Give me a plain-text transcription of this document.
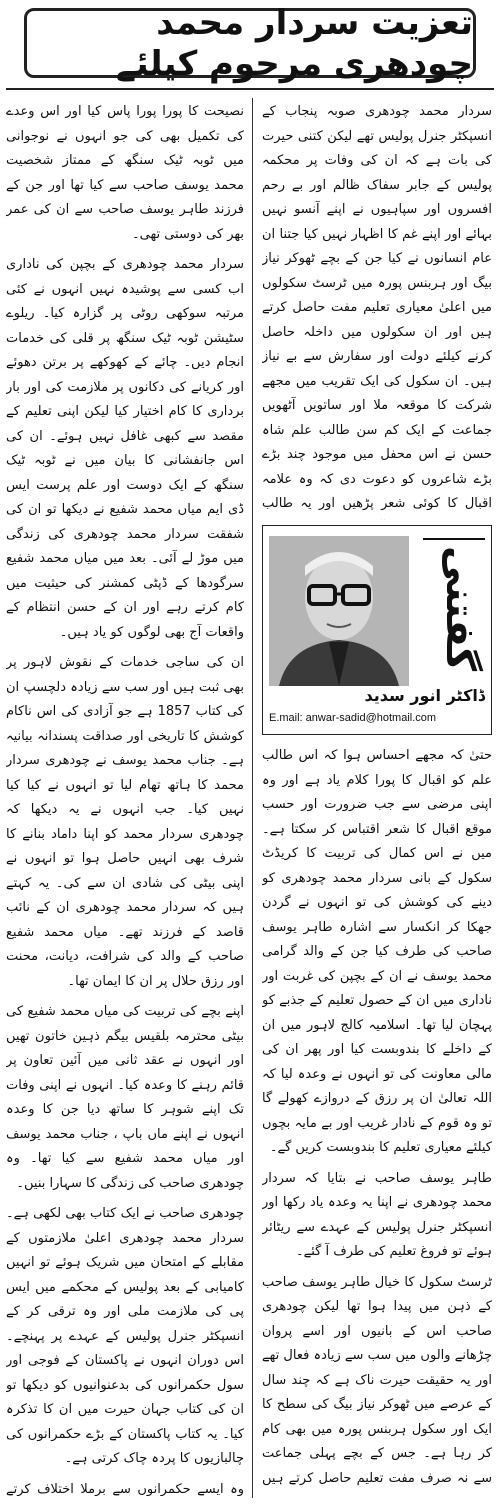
تعزیت سردار محمد چودھری مرحوم کیلئے

سردار محمد چودھری صوبہ پنجاب کے انسپکٹر جنرل پولیس تھے لیکن کتنی حیرت کی بات ہے کہ ان کی وفات پر محکمہ پولیس کے جابر سفاک ظالم اور بے رحم افسروں اور سپاہیوں نے اپنے آنسو نہیں بہائے اور اپنے غم کا اظہار نہیں کیا جتنا ان عام انسانوں نے کیا جن کے بچے ٹھوکر نیاز بیگ اور ہربنس پورہ میں ٹرسٹ سکولوں میں اعلیٰ معیاری تعلیم مفت حاصل کرتے ہیں اور ان سکولوں میں داخلہ حاصل کرنے کیلئے دولت اور سفارش سے بے نیاز ہیں۔ ان سکول کی ایک تقریب میں مجھے شرکت کا موقعہ ملا اور ساتویں آٹھویں جماعت کے ایک کم سن طالب علم شاہ حسن نے اس محفل میں موجود چند بڑے بڑے شاعروں کو دعوت دی کہ وہ علامہ اقبال کا کوئی شعر پڑھیں اور یہ طالب

گفتنی
ڈاکٹر انور سدید
E.mail: anwar-sadid@hotmail.com

حتیٰ کہ مجھے احساس ہوا کہ اس طالب علم کو اقبال کا پورا کلام یاد ہے اور وہ اپنی مرضی سے جب ضرورت اور حسب موقع اقبال کا شعر اقتباس کر سکتا ہے۔ میں نے اس کمال کی تربیت کا کریڈٹ سکول کے بانی سردار محمد چودھری کو دینے کی کوشش کی تو انہوں نے گردن جھکا کر انکسار سے اشارہ طاہر یوسف صاحب کی طرف کیا جن کے والد گرامی محمد یوسف نے ان کے بچپن کی غربت اور ناداری میں ان کے حصول تعلیم کے جذبے کو پہچان لیا تھا۔ اسلامیہ کالج لاہور میں ان کے داخلے کا بندوبست کیا اور پھر ان کی مالی معاونت کی تو انہوں نے وعدہ لیا کہ اللہ تعالیٰ ان پر رزق کے دروازے کھولے گا تو وہ قوم کے نادار غریب اور بے مایہ بچوں کیلئے معیاری تعلیم کا بندوبست کریں گے۔

طاہر یوسف صاحب نے بتایا کہ سردار محمد چودھری نے اپنا یہ وعدہ یاد رکھا اور انسپکٹر جنرل پولیس کے عہدے سے ریٹائر ہوئے تو فروغ تعلیم کی طرف آ گئے۔

ٹرسٹ سکول کا خیال طاہر یوسف صاحب کے ذہن میں پیدا ہوا تھا لیکن چودھری صاحب اس کے بانیوں اور اسے پروان چڑھانے والوں میں سب سے زیادہ فعال تھے اور یہ حقیقت حیرت ناک ہے کہ چند سال کے عرصے میں ٹھوکر نیاز بیگ کی سطح کا ایک اور سکول ہربنس پورہ میں بھی کام کر رہا ہے۔ جس کے بچے پہلی جماعت سے نہ صرف مفت تعلیم حاصل کرتے ہیں

نصیحت کا پورا پورا پاس کیا اور اس وعدے کی تکمیل بھی کی جو انہوں نے نوجوانی میں ٹوبہ ٹیک سنگھ کے ممتاز شخصیت محمد یوسف صاحب سے کیا تھا اور جن کے فرزند طاہر یوسف صاحب سے ان کی عمر بھر کی دوستی تھی۔

سردار محمد چودھری کے بچپن کی ناداری اب کسی سے پوشیدہ نہیں انہوں نے کئی مرتبہ سوکھی روٹی پر گزارہ کیا۔ ریلوے سٹیشن ٹوبہ ٹیک سنگھ پر قلی کی خدمات انجام دیں۔ چائے کے کھوکھے پر برتن دھوئے اور کریانے کی دکانوں پر ملازمت کی اور بار برداری کا کام اختیار کیا لیکن اپنی تعلیم کے مقصد سے کبھی غافل نہیں ہوئے۔ ان کی اس جانفشانی کا بیان میں نے ٹوبہ ٹیک سنگھ کے ایک دوست اور علم پرست ایس ڈی ایم میاں محمد شفیع نے دیکھا تو ان کی شفقت سردار محمد چودھری کی زندگی میں موڑ لے آئی۔ بعد میں میاں محمد شفیع سرگودھا کے ڈپٹی کمشنر کی حیثیت میں کام کرتے رہے اور ان کے حسن انتظام کے واقعات آج بھی لوگوں کو یاد ہیں۔

ان کی ساجی خدمات کے نقوش لاہور پر بھی ثبت ہیں اور سب سے زیادہ دلچسپ ان کی کتاب 1857 ہے جو آزادی کی اس ناکام کوشش کا تاریخی اور صداقت پسندانہ بیانیہ ہے۔ جناب محمد یوسف نے چودھری سردار محمد کا ہاتھ تھام لیا تو انہوں نے کیا کیا نہیں کیا۔ جب انہوں نے یہ دیکھا کہ چودھری سردار محمد کو اپنا داماد بنانے کا شرف بھی انہیں حاصل ہوا تو انہوں نے اپنی بیٹی کی شادی ان سے کی۔ یہ کہتے ہیں کہ سردار محمد چودھری ان کے نائب قاصد کے فرزند تھے۔ میاں محمد شفیع صاحب کے والد کی شرافت، دیانت، محنت اور رزق حلال پر ان کا ایمان تھا۔

اپنے بچے کی تربیت کی میاں محمد شفیع کی بیٹی محترمہ بلقیس بیگم ذہین خاتون تھیں اور انہوں نے عقد ثانی میں آئین تعاون پر قائم رہنے کا وعدہ کیا۔ انہوں نے اپنی وفات تک اپنے شوہر کا ساتھ دیا جن کا وعدہ انہوں نے اپنے ماں باپ ، جناب محمد یوسف اور میاں محمد شفیع سے کیا تھا۔ وہ چودھری صاحب کی زندگی کا سہارا بنیں۔

چودھری صاحب نے ایک کتاب بھی لکھی ہے۔ سردار محمد چودھری اعلیٰ ملازمتوں کے مقابلے کے امتحان میں شریک ہوئے تو انہیں کامیابی کے بعد پولیس کے محکمے میں ایس پی کی ملازمت ملی اور وہ ترقی کر کے انسپکٹر جنرل پولیس کے عہدے پر پہنچے۔ اس دوران انہوں نے پاکستان کے فوجی اور سول حکمرانوں کی بدعنوانیوں کو دیکھا تو ان کی کتاب جہان حیرت میں ان کا تذکرہ کیا۔ یہ کتاب پاکستان کے بڑے حکمرانوں کی چالبازیوں کا پردہ چاک کرتی ہے۔

وہ ایسے حکمرانوں سے برملا اختلاف کرتے
